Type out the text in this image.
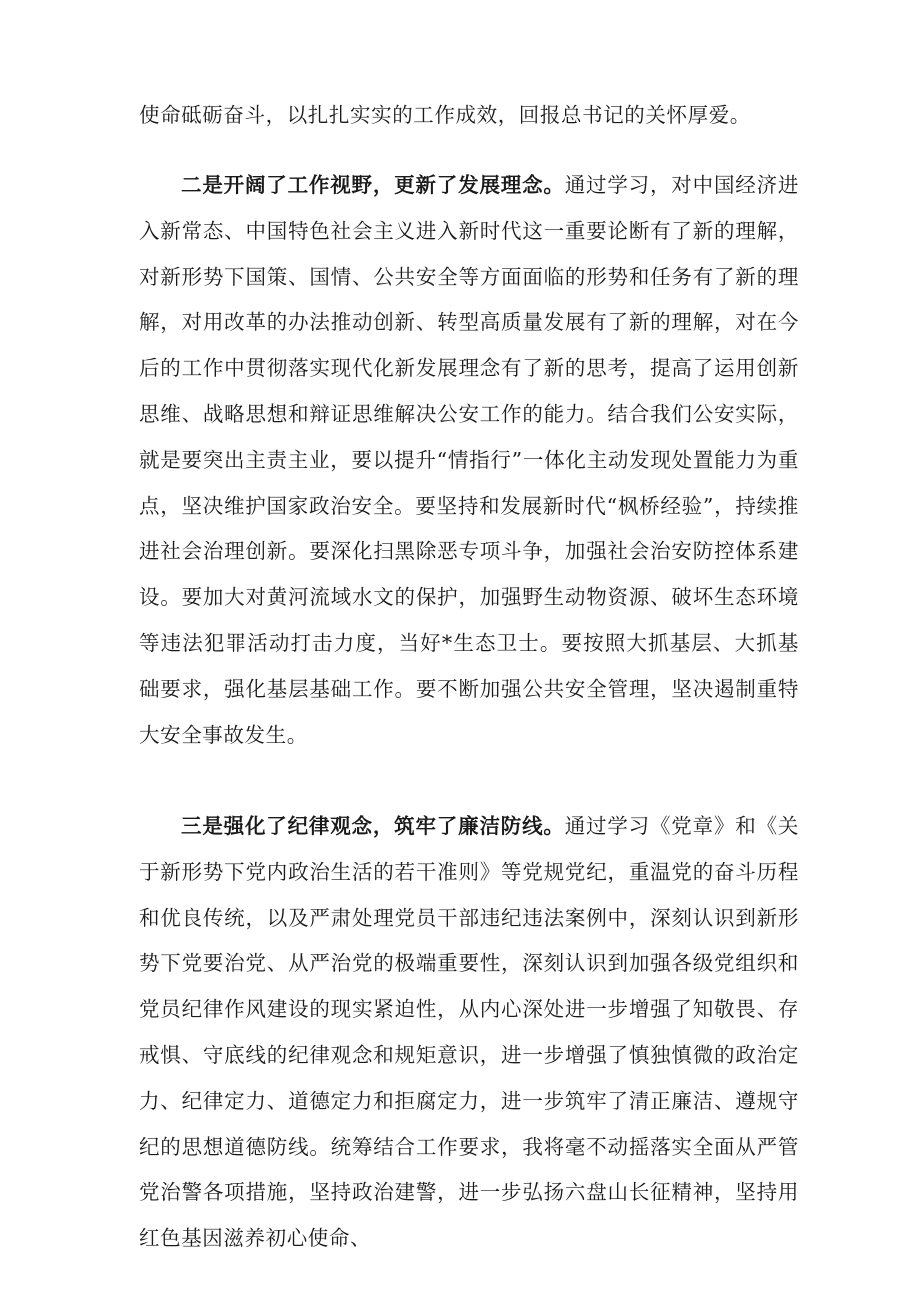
使命砥砺奋斗，以扎扎实实的工作成效，回报总书记的关怀厚爱。

二是开阔了工作视野，更新了发展理念。通过学习，对中国经济进入新常态、中国特色社会主义进入新时代这一重要论断有了新的理解，对新形势下国策、国情、公共安全等方面面临的形势和任务有了新的理解，对用改革的办法推动创新、转型高质量发展有了新的理解，对在今后的工作中贯彻落实现代化新发展理念有了新的思考，提高了运用创新思维、战略思想和辩证思维解决公安工作的能力。结合我们公安实际，就是要突出主责主业，要以提升“情指行”一体化主动发现处置能力为重点，坚决维护国家政治安全。要坚持和发展新时代“枫桥经验”，持续推进社会治理创新。要深化扫黑除恶专项斗争，加强社会治安防控体系建设。要加大对黄河流域水文的保护，加强野生动物资源、破坏生态环境等违法犯罪活动打击力度，当好*生态卫士。要按照大抓基层、大抓基础要求，强化基层基础工作。要不断加强公共安全管理，坚决遏制重特大安全事故发生。

三是强化了纪律观念，筑牢了廉洁防线。通过学习《党章》和《关于新形势下党内政治生活的若干准则》等党规党纪，重温党的奋斗历程和优良传统，以及严肃处理党员干部违纪违法案例中，深刻认识到新形势下党要治党、从严治党的极端重要性，深刻认识到加强各级党组织和党员纪律作风建设的现实紧迫性，从内心深处进一步增强了知敬畏、存戒惧、守底线的纪律观念和规矩意识，进一步增强了慎独慎微的政治定力、纪律定力、道德定力和拒腐定力，进一步筑牢了清正廉洁、遵规守纪的思想道德防线。统筹结合工作要求，我将毫不动摇落实全面从严管党治警各项措施，坚持政治建警，进一步弘扬六盘山长征精神，坚持用红色基因滋养初心使命、
